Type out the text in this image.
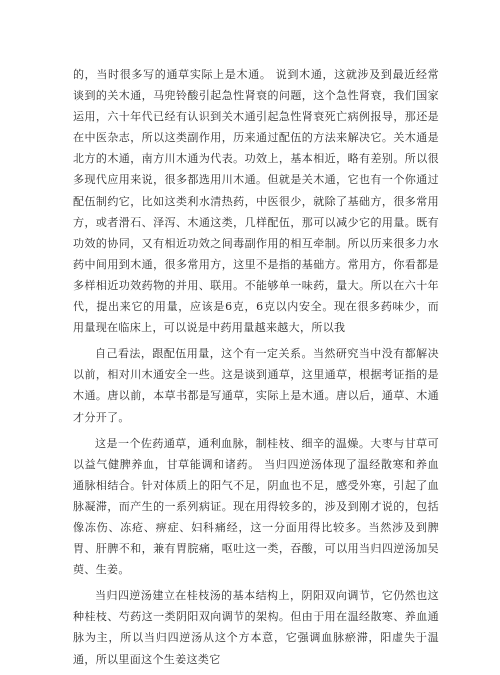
的，当时很多写的通草实际上是木通。 说到木通，这就涉及到最近经常谈到的关木通，马兜铃酸引起急性肾衰的问题，这个急性肾衰，我们国家运用，六十年代已经有认识到关木通引起急性肾衰死亡病例报导，那还是在中医杂志，所以这类副作用，历来通过配伍的方法来解决它。关木通是北方的木通，南方川木通为代表。功效上，基本相近，略有差别。所以很多现代应用来说，很多都选用川木通。但就是关木通，它也有一个你通过配伍制约它，比如这类利水清热药，中医很少，就除了基础方，很多常用方，或者滑石、泽泻、木通这类，几样配伍，那可以减少它的用量。既有功效的协同，又有相近功效之间毒副作用的相互牵制。所以历来很多力水药中间用到木通，很多常用方，这里不是指的基础方。常用方，你看都是多样相近功效药物的并用、联用。不能够单一味药，量大。所以在六十年代，提出来它的用量，应该是6克，6克以内安全。现在很多药味少，而用量现在临床上，可以说是中药用量越来越大，所以我

自己看法，跟配伍用量，这个有一定关系。当然研究当中没有都解决以前，相对川木通安全一些。这是谈到通草，这里通草，根据考证指的是木通。唐以前，本草书都是写通草，实际上是木通。唐以后，通草、木通才分开了。

这是一个佐药通草，通利血脉，制桂枝、细辛的温燥。大枣与甘草可以益气健脾养血，甘草能调和诸药。 当归四逆汤体现了温经散寒和养血通脉相结合。针对体质上的阳气不足，阴血也不足，感受外寒，引起了血脉凝滞，而产生的一系列病证。现在用得较多的，涉及到刚才说的，包括像冻伤、冻疮、痹症、妇科痛经，这一分面用得比较多。当然涉及到脾胃、肝脾不和，兼有胃脘痛，呕吐这一类，吞酸，可以用当归四逆汤加吴萸、生姜。

当归四逆汤建立在桂枝汤的基本结构上，阴阳双向调节，它仍然也这种桂枝、芍药这一类阴阳双向调节的架构。但由于用在温经散寒、养血通脉为主，所以当归四逆汤从这个方本意，它强调血脉瘀滞，阳虚失于温通，所以里面这个生姜这类它
